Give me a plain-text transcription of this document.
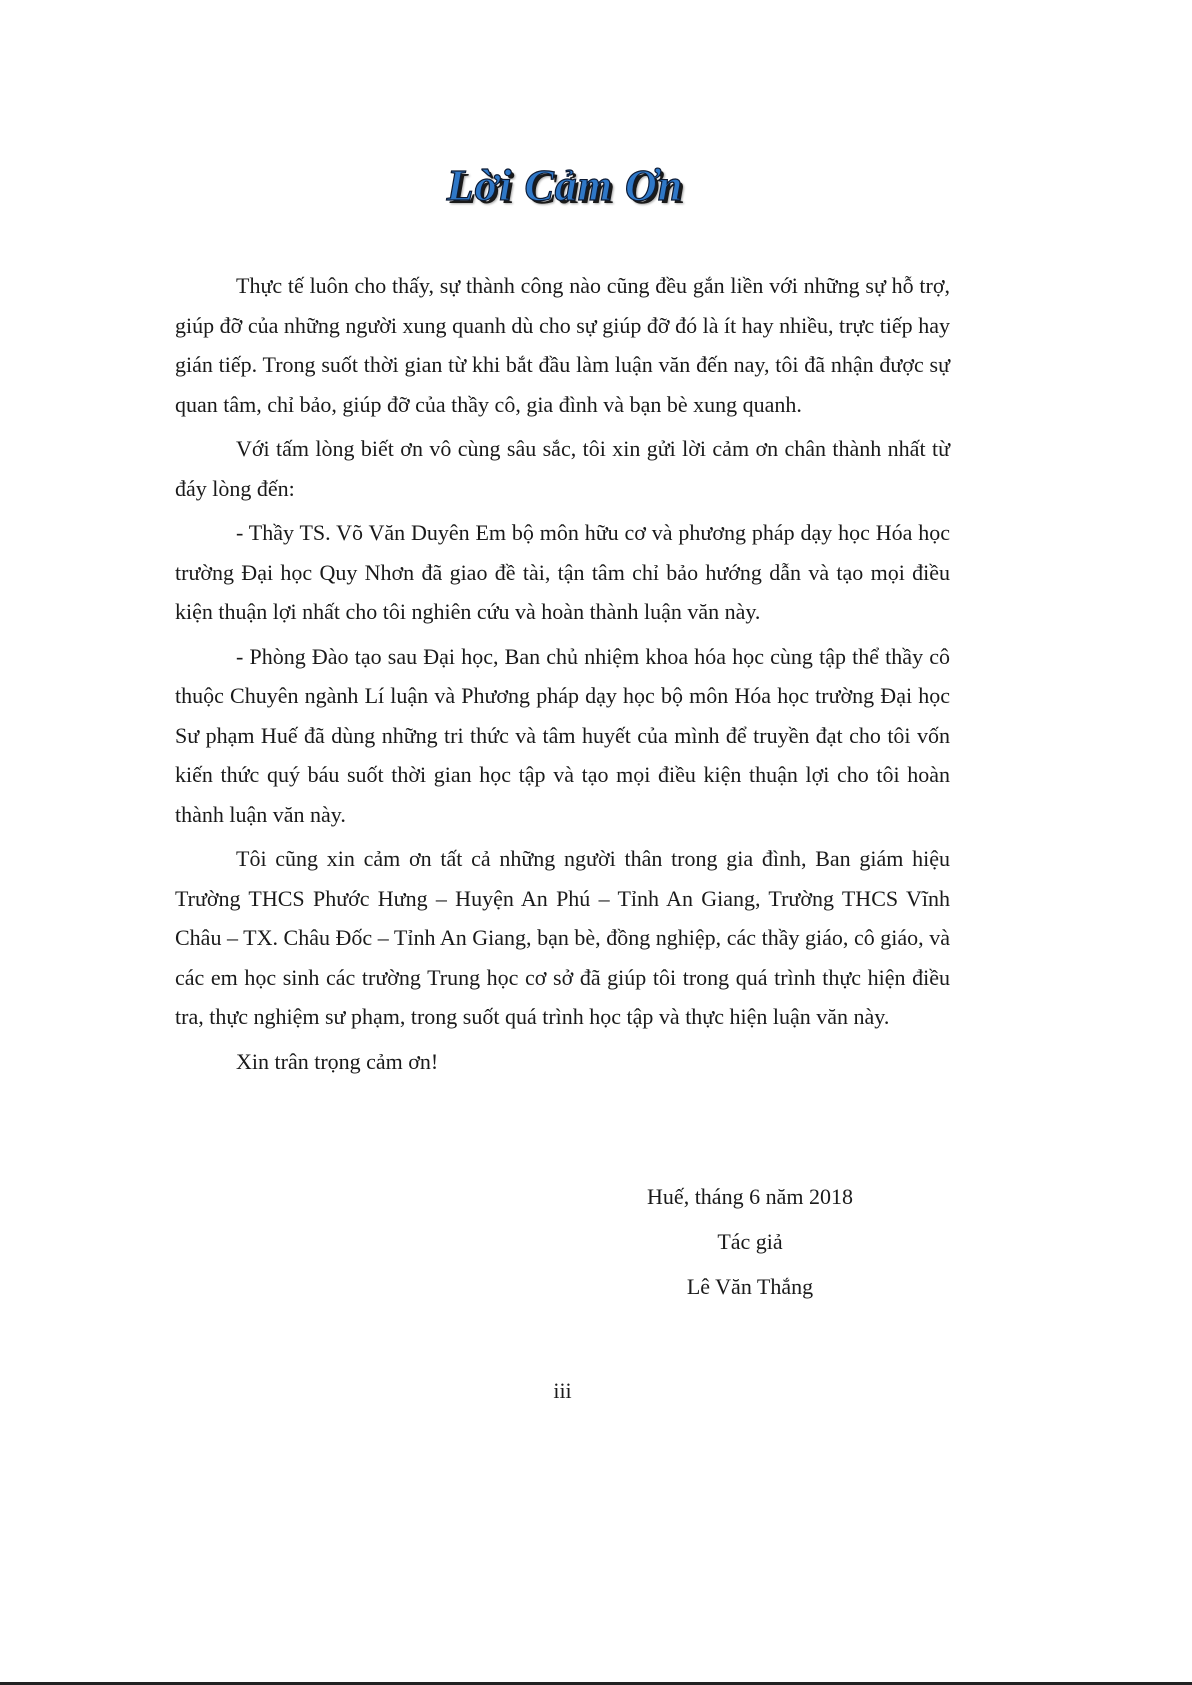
Lời Cảm Ơn

Thực tế luôn cho thấy, sự thành công nào cũng đều gắn liền với những sự hỗ trợ, giúp đỡ của những người xung quanh dù cho sự giúp đỡ đó là ít hay nhiều, trực tiếp hay gián tiếp. Trong suốt thời gian từ khi bắt đầu làm luận văn đến nay, tôi đã nhận được sự quan tâm, chỉ bảo, giúp đỡ của thầy cô, gia đình và bạn bè xung quanh.

Với tấm lòng biết ơn vô cùng sâu sắc, tôi xin gửi lời cảm ơn chân thành nhất từ đáy lòng đến:

- Thầy TS. Võ Văn Duyên Em bộ môn hữu cơ và phương pháp dạy học Hóa học trường Đại học Quy Nhơn đã giao đề tài, tận tâm chỉ bảo hướng dẫn và tạo mọi điều kiện thuận lợi nhất cho tôi nghiên cứu và hoàn thành luận văn này.

- Phòng Đào tạo sau Đại học, Ban chủ nhiệm khoa hóa học cùng tập thể thầy cô thuộc Chuyên ngành Lí luận và Phương pháp dạy học bộ môn Hóa học trường Đại học Sư phạm Huế đã dùng những tri thức và tâm huyết của mình để truyền đạt cho tôi vốn kiến thức quý báu suốt thời gian học tập và tạo mọi điều kiện thuận lợi cho tôi hoàn thành luận văn này.

Tôi cũng xin cảm ơn tất cả những người thân trong gia đình, Ban giám hiệu Trường THCS Phước Hưng – Huyện An Phú – Tỉnh An Giang, Trường THCS Vĩnh Châu – TX. Châu Đốc – Tỉnh An Giang, bạn bè, đồng nghiệp, các thầy giáo, cô giáo, và các em học sinh các trường Trung học cơ sở đã giúp tôi trong quá trình thực hiện điều tra, thực nghiệm sư phạm, trong suốt quá trình học tập và thực hiện luận văn này.

Xin trân trọng cảm ơn!

Huế, tháng 6 năm 2018
Tác giả
Lê Văn Thắng
iii
